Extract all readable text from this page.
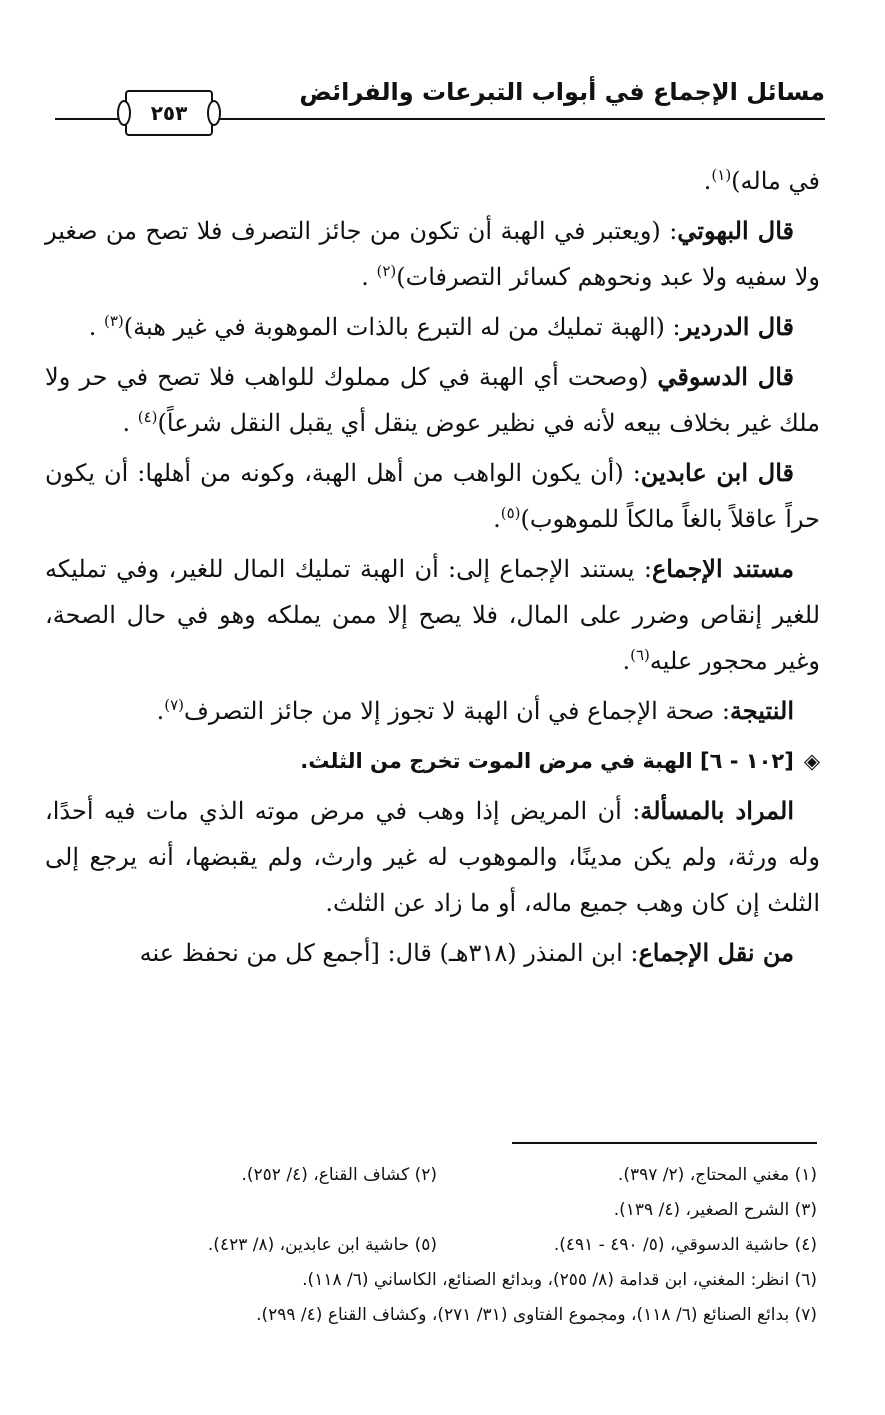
مسائل الإجماع في أبواب التبرعات والفرائض
٢٥٣

في ماله)$^{(١)}$.

قال البهوتي: (ويعتبر في الهبة أن تكون من جائز التصرف فلا تصح من صغير ولا سفيه ولا عبد ونحوهم كسائر التصرفات)$^{(٢)}$ .

قال الدردير: (الهبة تمليك من له التبرع بالذات الموهوبة في غير هبة)$^{(٣)}$ .

قال الدسوقي (وصحت أي الهبة في كل مملوك للواهب فلا تصح في حر ولا ملك غير بخلاف بيعه لأنه في نظير عوض ينقل أي يقبل النقل شرعاً)$^{(٤)}$ .

قال ابن عابدين: (أن يكون الواهب من أهل الهبة، وكونه من أهلها: أن يكون حراً عاقلاً بالغاً مالكاً للموهوب)$^{(٥)}$.

مستند الإجماع: يستند الإجماع إلى: أن الهبة تمليك المال للغير، وفي تمليكه للغير إنقاص وضرر على المال، فلا يصح إلا ممن يملكه وهو في حال الصحة، وغير محجور عليه$^{(٦)}$.

النتيجة: صحة الإجماع في أن الهبة لا تجوز إلا من جائز التصرف$^{(٧)}$.

◈[١٠٢ - ٦] الهبة في مرض الموت تخرج من الثلث.

المراد بالمسألة: أن المريض إذا وهب في مرض موته الذي مات فيه أحدًا، وله ورثة، ولم يكن مدينًا، والموهوب له غير وارث، ولم يقبضها، أنه يرجع إلى الثلث إن كان وهب جميع ماله، أو ما زاد عن الثلث.

من نقل الإجماع: ابن المنذر (٣١٨هـ) قال: [أجمع كل من نحفظ عنه

(١) مغني المحتاج، (٢/ ٣٩٧).
(٢) كشاف القناع، (٤/ ٢٥٢).
(٣) الشرح الصغير، (٤/ ١٣٩).
(٤) حاشية الدسوقي، (٥/ ٤٩٠ - ٤٩١).
(٥) حاشية ابن عابدين، (٨/ ٤٢٣).
(٦) انظر: المغني، ابن قدامة (٨/ ٢٥٥)، وبدائع الصنائع، الكاساني (٦/ ١١٨).
(٧) بدائع الصنائع (٦/ ١١٨)، ومجموع الفتاوى (٣١/ ٢٧١)، وكشاف القناع (٤/ ٢٩٩).
